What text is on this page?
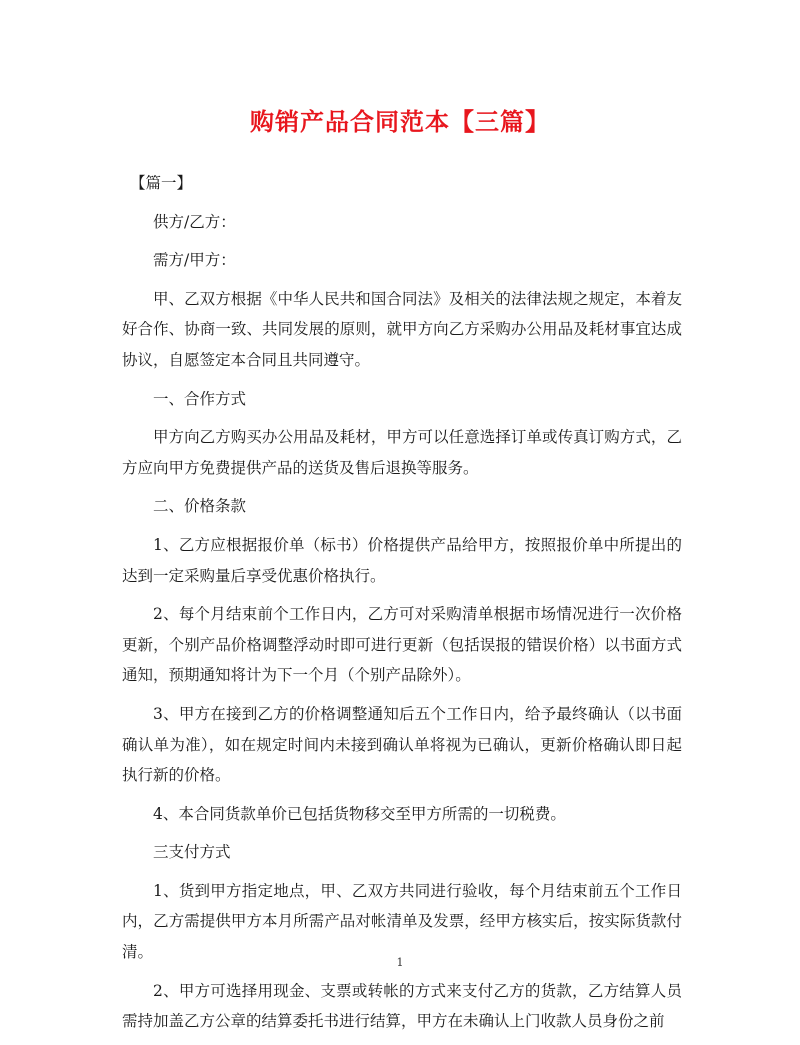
购销产品合同范本【三篇】

【篇一】

供方/乙方：

需方/甲方：

甲、乙双方根据《中华人民共和国合同法》及相关的法律法规之规定，本着友好合作、协商一致、共同发展的原则，就甲方向乙方采购办公用品及耗材事宜达成协议，自愿签定本合同且共同遵守。

一、合作方式

甲方向乙方购买办公用品及耗材，甲方可以任意选择订单或传真订购方式，乙方应向甲方免费提供产品的送货及售后退换等服务。

二、价格条款

1、乙方应根据报价单（标书）价格提供产品给甲方，按照报价单中所提出的达到一定采购量后享受优惠价格执行。

2、每个月结束前个工作日内，乙方可对采购清单根据市场情况进行一次价格更新，个别产品价格调整浮动时即可进行更新（包括误报的错误价格）以书面方式通知，预期通知将计为下一个月（个别产品除外）。

3、甲方在接到乙方的价格调整通知后五个工作日内，给予最终确认（以书面确认单为准），如在规定时间内未接到确认单将视为已确认，更新价格确认即日起执行新的价格。

4、本合同货款单价已包括货物移交至甲方所需的一切税费。

三支付方式

1、货到甲方指定地点，甲、乙双方共同进行验收，每个月结束前五个工作日内，乙方需提供甲方本月所需产品对帐清单及发票，经甲方核实后，按实际货款付清。

2、甲方可选择用现金、支票或转帐的方式来支付乙方的货款，乙方结算人员需持加盖乙方公章的结算委托书进行结算，甲方在未确认上门收款人员身份之前

1
